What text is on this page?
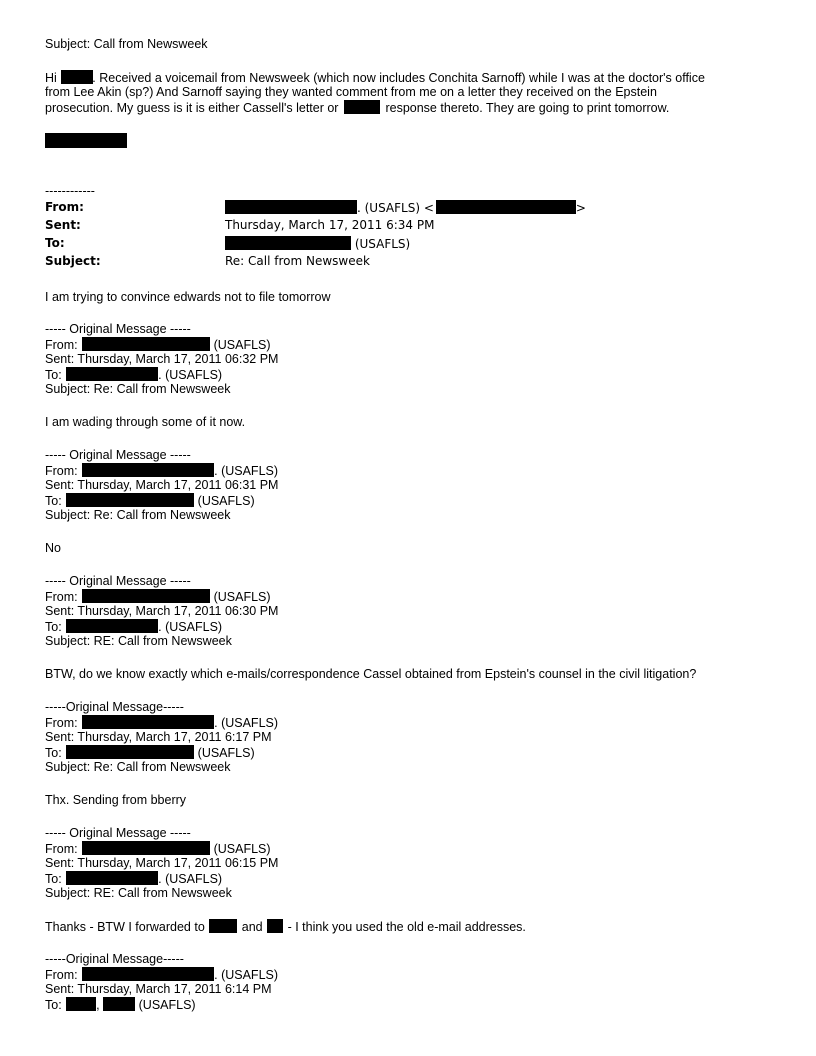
Subject: Call from Newsweek
Hi	. Received a voicemail from Newsweek (which now includes Conchita Sarnoff) while I was at the doctor's office
from Lee Akin (sp?) And Sarnoff saying they wanted comment from me on a letter they received on the Epstein
prosecution. My guess is it is either Cassell's letter or	response thereto. They are going to print tomorrow.
------------
From:	. (USAFLS) <	>
Sent:	Thursday, March 17, 2011 6:34 PM
To:	(USAFLS)
Subject:	Re: Call from Newsweek
I am trying to convince edwards not to file tomorrow
----- Original Message -----
From:	(USAFLS)
Sent: Thursday, March 17, 2011 06:32 PM
To:	. (USAFLS)
Subject: Re: Call from Newsweek
I am wading through some of it now.
----- Original Message -----
From:	. (USAFLS)
Sent: Thursday, March 17, 2011 06:31 PM
To:	(USAFLS)
Subject: Re: Call from Newsweek
No
----- Original Message -----
From:	(USAFLS)
Sent: Thursday, March 17, 2011 06:30 PM
To:	. (USAFLS)
Subject: RE: Call from Newsweek
BTW, do we know exactly which e-mails/correspondence Cassel obtained from Epstein's counsel in the civil litigation?
-----Original Message-----
From:	. (USAFLS)
Sent: Thursday, March 17, 2011 6:17 PM
To:	(USAFLS)
Subject: Re: Call from Newsweek
Thx. Sending from bberry
----- Original Message -----
From:	(USAFLS)
Sent: Thursday, March 17, 2011 06:15 PM
To:	. (USAFLS)
Subject: RE: Call from Newsweek
Thanks - BTW I forwarded to	and - I think you used the old e-mail addresses.
-----Original Message-----
From:	. (USAFLS)
Sent: Thursday, March 17, 2011 6:14 PM
To:	,	(USAFLS)
